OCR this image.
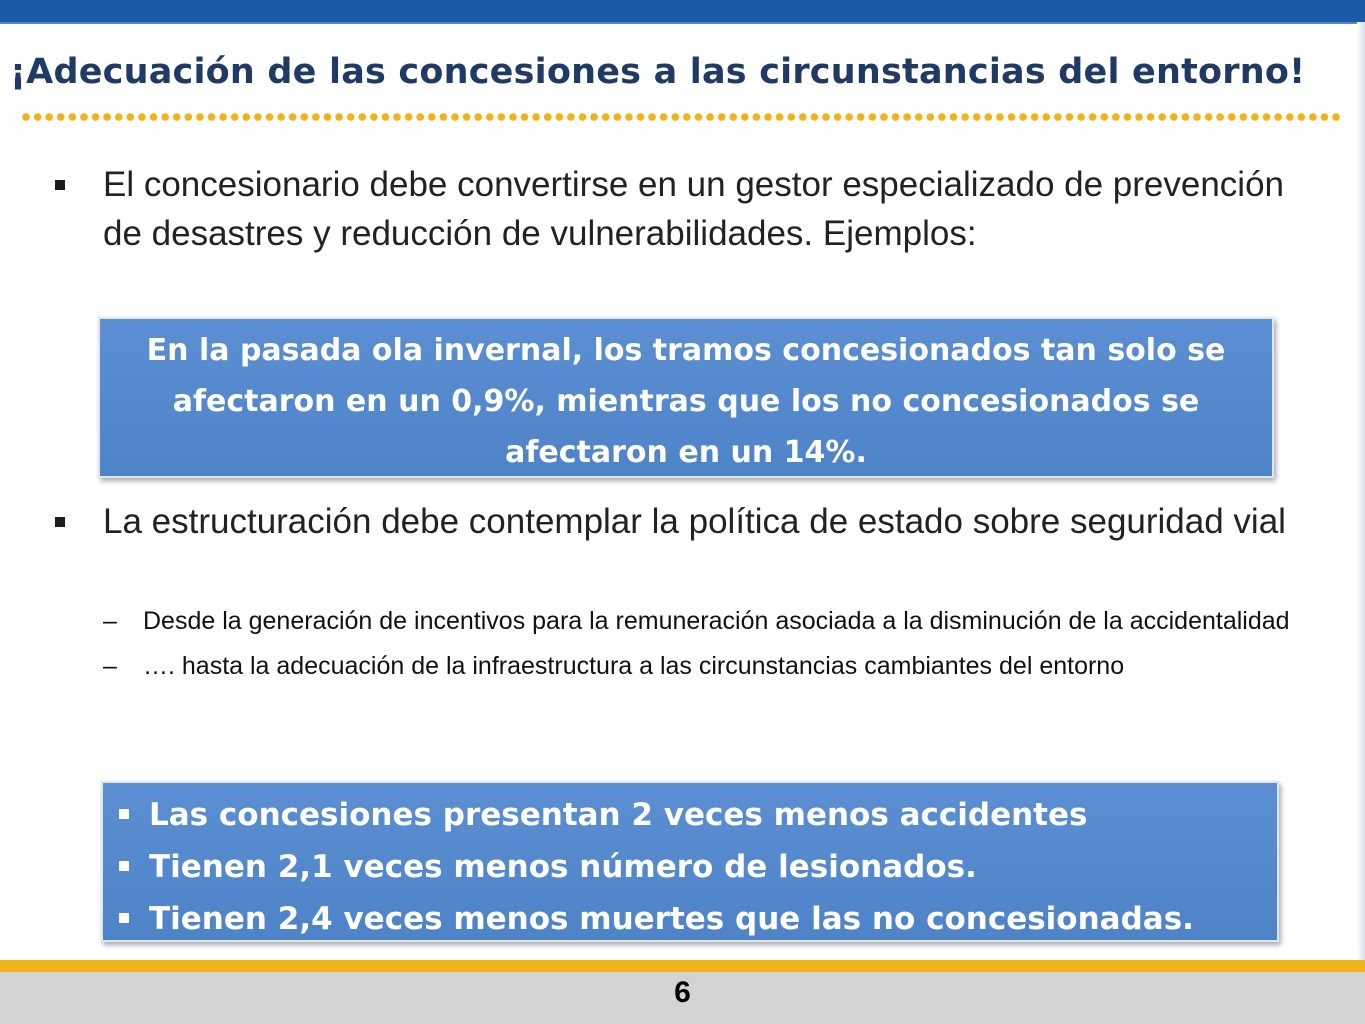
¡Adecuación de las concesiones a las circunstancias del entorno!
El concesionario debe convertirse en un gestor especializado de prevención de desastres y reducción de vulnerabilidades. Ejemplos:
En la pasada ola invernal, los tramos concesionados tan solo se afectaron en un 0,9%, mientras que los no concesionados se afectaron en un 14%.
La estructuración debe contemplar la política de estado sobre seguridad vial
– Desde la generación de incentivos para la remuneración asociada a la disminución de la accidentalidad
– …. hasta la adecuación de la infraestructura a las circunstancias cambiantes del entorno
Las concesiones presentan 2 veces menos accidentes
Tienen 2,1 veces menos número de lesionados.
Tienen 2,4 veces menos muertes que las no concesionadas.
6
